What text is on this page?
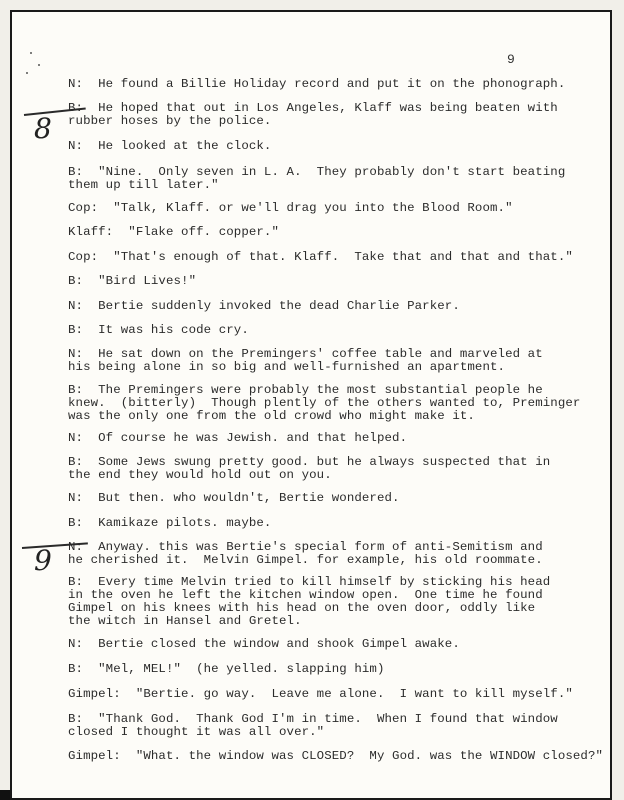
9
8
9
N:  He found a Billie Holiday record and put it on the phonograph.
B:  He hoped that out in Los Angeles, Klaff was being beaten with
rubber hoses by the police.
N:  He looked at the clock.
B:  "Nine.  Only seven in L. A.  They probably don't start beating
them up till later."
Cop:  "Talk, Klaff. or we'll drag you into the Blood Room."
Klaff:  "Flake off. copper."
Cop:  "That's enough of that. Klaff.  Take that and that and that."
B:  "Bird Lives!"
N:  Bertie suddenly invoked the dead Charlie Parker.
B:  It was his code cry.
N:  He sat down on the Premingers' coffee table and marveled at
his being alone in so big and well-furnished an apartment.
B:  The Premingers were probably the most substantial people he
knew.  (bitterly)  Though plently of the others wanted to, Preminger
was the only one from the old crowd who might make it.
N:  Of course he was Jewish. and that helped.
B:  Some Jews swung pretty good. but he always suspected that in
the end they would hold out on you.
N:  But then. who wouldn't, Bertie wondered.
B:  Kamikaze pilots. maybe.
N:  Anyway. this was Bertie's special form of anti-Semitism and
he cherished it.  Melvin Gimpel. for example, his old roommate.
B:  Every time Melvin tried to kill himself by sticking his head
in the oven he left the kitchen window open.  One time he found
Gimpel on his knees with his head on the oven door, oddly like
the witch in Hansel and Gretel.
N:  Bertie closed the window and shook Gimpel awake.
B:  "Mel, MEL!"  (he yelled. slapping him)
Gimpel:  "Bertie. go way.  Leave me alone.  I want to kill myself."
B:  "Thank God.  Thank God I'm in time.  When I found that window
closed I thought it was all over."
Gimpel:  "What. the window was CLOSED?  My God. was the WINDOW closed?"
